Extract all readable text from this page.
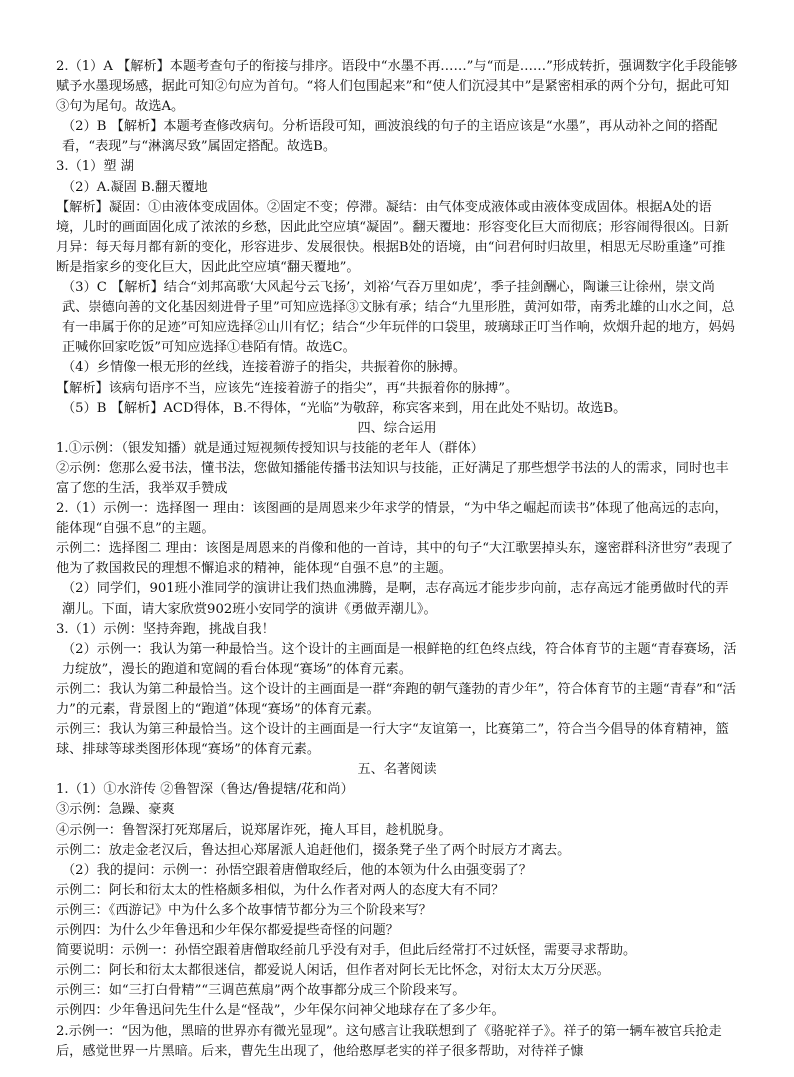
2.（1）A 【解析】本题考查句子的衔接与排序。语段中“水墨不再……”与“而是……”形成转折，强调数字化手段能够赋予水墨现场感，据此可知②句应为首句。“将人们包围起来”和“使人们沉浸其中”是紧密相承的两个分句，据此可知③句为尾句。故选A。

（2）B 【解析】本题考查修改病句。分析语段可知，画波浪线的句子的主语应该是“水墨”，再从动补之间的搭配看，“表现”与“淋漓尽致”属固定搭配。故选B。

3.（1）塑 湖

（2）A.凝固 B.翻天覆地

【解析】凝固：①由液体变成固体。②固定不变；停滞。凝结：由气体变成液体或由液体变成固体。根据A处的语境，儿时的画面固化成了浓浓的乡愁，因此此空应填“凝固”。翻天覆地：形容变化巨大而彻底；形容闹得很凶。日新月异：每天每月都有新的变化，形容进步、发展很快。根据B处的语境，由“问君何时归故里，相思无尽盼重逢”可推断是指家乡的变化巨大，因此此空应填“翻天覆地”。

（3）C 【解析】结合“刘邦高歌‘大风起兮云飞扬’，刘裕‘气吞万里如虎’，季子挂剑酬心，陶谦三让徐州，崇文尚武、崇德向善的文化基因刻进骨子里”可知应选择③文脉有承；结合“九里形胜，黄河如带，南秀北雄的山水之间，总有一串属于你的足迹”可知应选择②山川有忆；结合“少年玩伴的口袋里，玻璃球正叮当作响，炊烟升起的地方，妈妈正喊你回家吃饭”可知应选择①巷陌有情。故选C。

（4）乡情像一根无形的丝线，连接着游子的指尖，共振着你的脉搏。

【解析】该病句语序不当，应该先“连接着游子的指尖”，再“共振着你的脉搏”。

（5）B 【解析】ACD得体，B.不得体，“光临”为敬辞，称宾客来到，用在此处不贴切。故选B。

四、综合运用

1.①示例：（银发知播）就是通过短视频传授知识与技能的老年人（群体）

②示例：您那么爱书法，懂书法，您做知播能传播书法知识与技能，正好满足了那些想学书法的人的需求，同时也丰富了您的生活，我举双手赞成

2.（1）示例一：选择图一 理由：该图画的是周恩来少年求学的情景，“为中华之崛起而读书”体现了他高远的志向，能体现“自强不息”的主题。

示例二：选择图二 理由：该图是周恩来的肖像和他的一首诗，其中的句子“大江歌罢掉头东，邃密群科济世穷”表现了他为了救国救民的理想不懈追求的精神，能体现“自强不息”的主题。

（2）同学们，901班小淮同学的演讲让我们热血沸腾，是啊，志存高远才能步步向前，志存高远才能勇做时代的弄潮儿。下面，请大家欣赏902班小安同学的演讲《勇做弄潮儿》。

3.（1）示例：坚持奔跑，挑战自我！

（2）示例一：我认为第一种最恰当。这个设计的主画面是一根鲜艳的红色终点线，符合体育节的主题“青春赛场，活力绽放”，漫长的跑道和宽阔的看台体现“赛场”的体育元素。

示例二：我认为第二种最恰当。这个设计的主画面是一群“奔跑的朝气蓬勃的青少年”，符合体育节的主题“青春”和“活力”的元素，背景图上的“跑道”体现“赛场”的体育元素。

示例三：我认为第三种最恰当。这个设计的主画面是一行大字“友谊第一，比赛第二”，符合当今倡导的体育精神，篮球、排球等球类图形体现“赛场”的体育元素。

五、名著阅读

1.（1）①水浒传 ②鲁智深（鲁达/鲁提辖/花和尚）

③示例：急躁、豪爽

④示例一：鲁智深打死郑屠后，说郑屠诈死，掩人耳目，趁机脱身。

示例二：放走金老汉后，鲁达担心郑屠派人追赶他们，掇条凳子坐了两个时辰方才离去。

（2）我的提问：示例一：孙悟空跟着唐僧取经后，他的本领为什么由强变弱了？

示例二：阿长和衍太太的性格颇多相似，为什么作者对两人的态度大有不同？

示例三：《西游记》中为什么多个故事情节都分为三个阶段来写？

示例四：为什么少年鲁迅和少年保尔都爱提些奇怪的问题？

简要说明：示例一：孙悟空跟着唐僧取经前几乎没有对手，但此后经常打不过妖怪，需要寻求帮助。

示例二：阿长和衍太太都很迷信，都爱说人闲话，但作者对阿长无比怀念，对衍太太万分厌恶。

示例三：如“三打白骨精”“三调芭蕉扇”两个故事都分成三个阶段来写。

示例四：少年鲁迅问先生什么是“怪哉”，少年保尔问神父地球存在了多少年。

2.示例一：“因为他，黑暗的世界亦有微光显现”。这句感言让我联想到了《骆驼祥子》。祥子的第一辆车被官兵抢走后，感觉世界一片黑暗。后来，曹先生出现了，他给憨厚老实的祥子很多帮助，对待祥子慷
